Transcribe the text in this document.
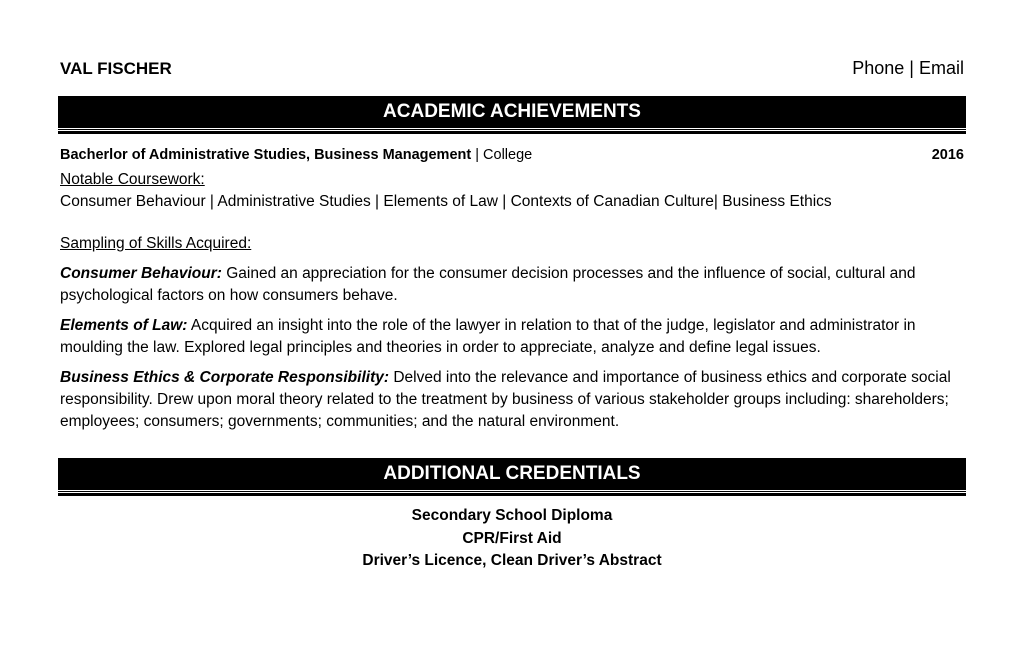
VAL FISCHER	Phone | Email
ACADEMIC ACHIEVEMENTS
Bacherlor of Administrative Studies, Business Management | College	2016
Notable Coursework:
Consumer Behaviour | Administrative Studies | Elements of Law | Contexts of Canadian Culture| Business Ethics
Sampling of Skills Acquired:
Consumer Behaviour: Gained an appreciation for the consumer decision processes and the influence of social, cultural and psychological factors on how consumers behave.
Elements of Law: Acquired an insight into the role of the lawyer in relation to that of the judge, legislator and administrator in moulding the law. Explored legal principles and theories in order to appreciate, analyze and define legal issues.
Business Ethics & Corporate Responsibility: Delved into the relevance and importance of business ethics and corporate social responsibility. Drew upon moral theory related to the treatment by business of various stakeholder groups including: shareholders; employees; consumers; governments; communities; and the natural environment.
ADDITIONAL CREDENTIALS
Secondary School Diploma
CPR/First Aid
Driver’s Licence, Clean Driver’s Abstract
